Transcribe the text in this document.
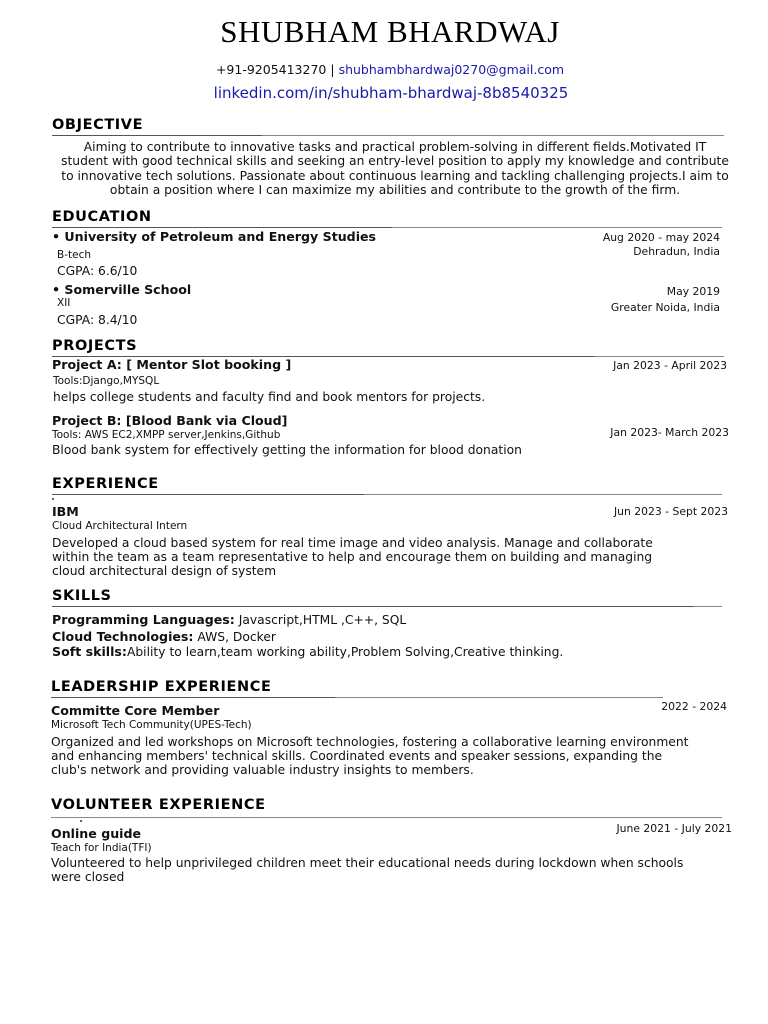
SHUBHAM BHARDWAJ
+91-9205413270 | shubhambhardwaj0270@gmail.com
linkedin.com/in/shubham-bhardwaj-8b8540325
OBJECTIVE
Aiming to contribute to innovative tasks and practical problem-solving in different fields.Motivated IT student with good technical skills and seeking an entry-level position to apply my knowledge and contribute to innovative tech solutions. Passionate about continuous learning and tackling challenging projects.I aim to obtain a position where I can maximize my abilities and contribute to the growth of the firm.
EDUCATION
• University of Petroleum and Energy Studies	Aug 2020 - may 2024
B-tech	Dehradun, India
CGPA: 6.6/10
• Somerville School	May 2019
XII	Greater Noida, India
CGPA: 8.4/10
PROJECTS
Project A: [ Mentor Slot booking ]	Jan 2023 - April 2023
Tools:Django,MYSQL
helps college students and faculty find and book mentors for projects.
Project B: [Blood Bank via Cloud]
Jan 2023- March 2023
Tools: AWS EC2,XMPP server,Jenkins,Github
Blood bank system for effectively getting the information for blood donation
EXPERIENCE
IBM	Jun 2023 - Sept 2023
Cloud Architectural Intern
Developed a cloud based system for real time image and video analysis. Manage and collaborate within the team as a team representative to help and encourage them on building and managing cloud architectural design of system
SKILLS
Programming Languages: Javascript,HTML ,C++, SQL
Cloud Technologies: AWS, Docker
Soft skills:Ability to learn,team working ability,Problem Solving,Creative thinking.
LEADERSHIP EXPERIENCE
Committe Core Member	2022 - 2024
Microsoft Tech Community(UPES-Tech)
Organized and led workshops on Microsoft technologies, fostering a collaborative learning environment and enhancing members' technical skills. Coordinated events and speaker sessions, expanding the club's network and providing valuable industry insights to members.
VOLUNTEER EXPERIENCE
Online guide	June 2021 - July 2021
Teach for India(TFI)
Volunteered to help unprivileged children meet their educational needs during lockdown when schools were closed
